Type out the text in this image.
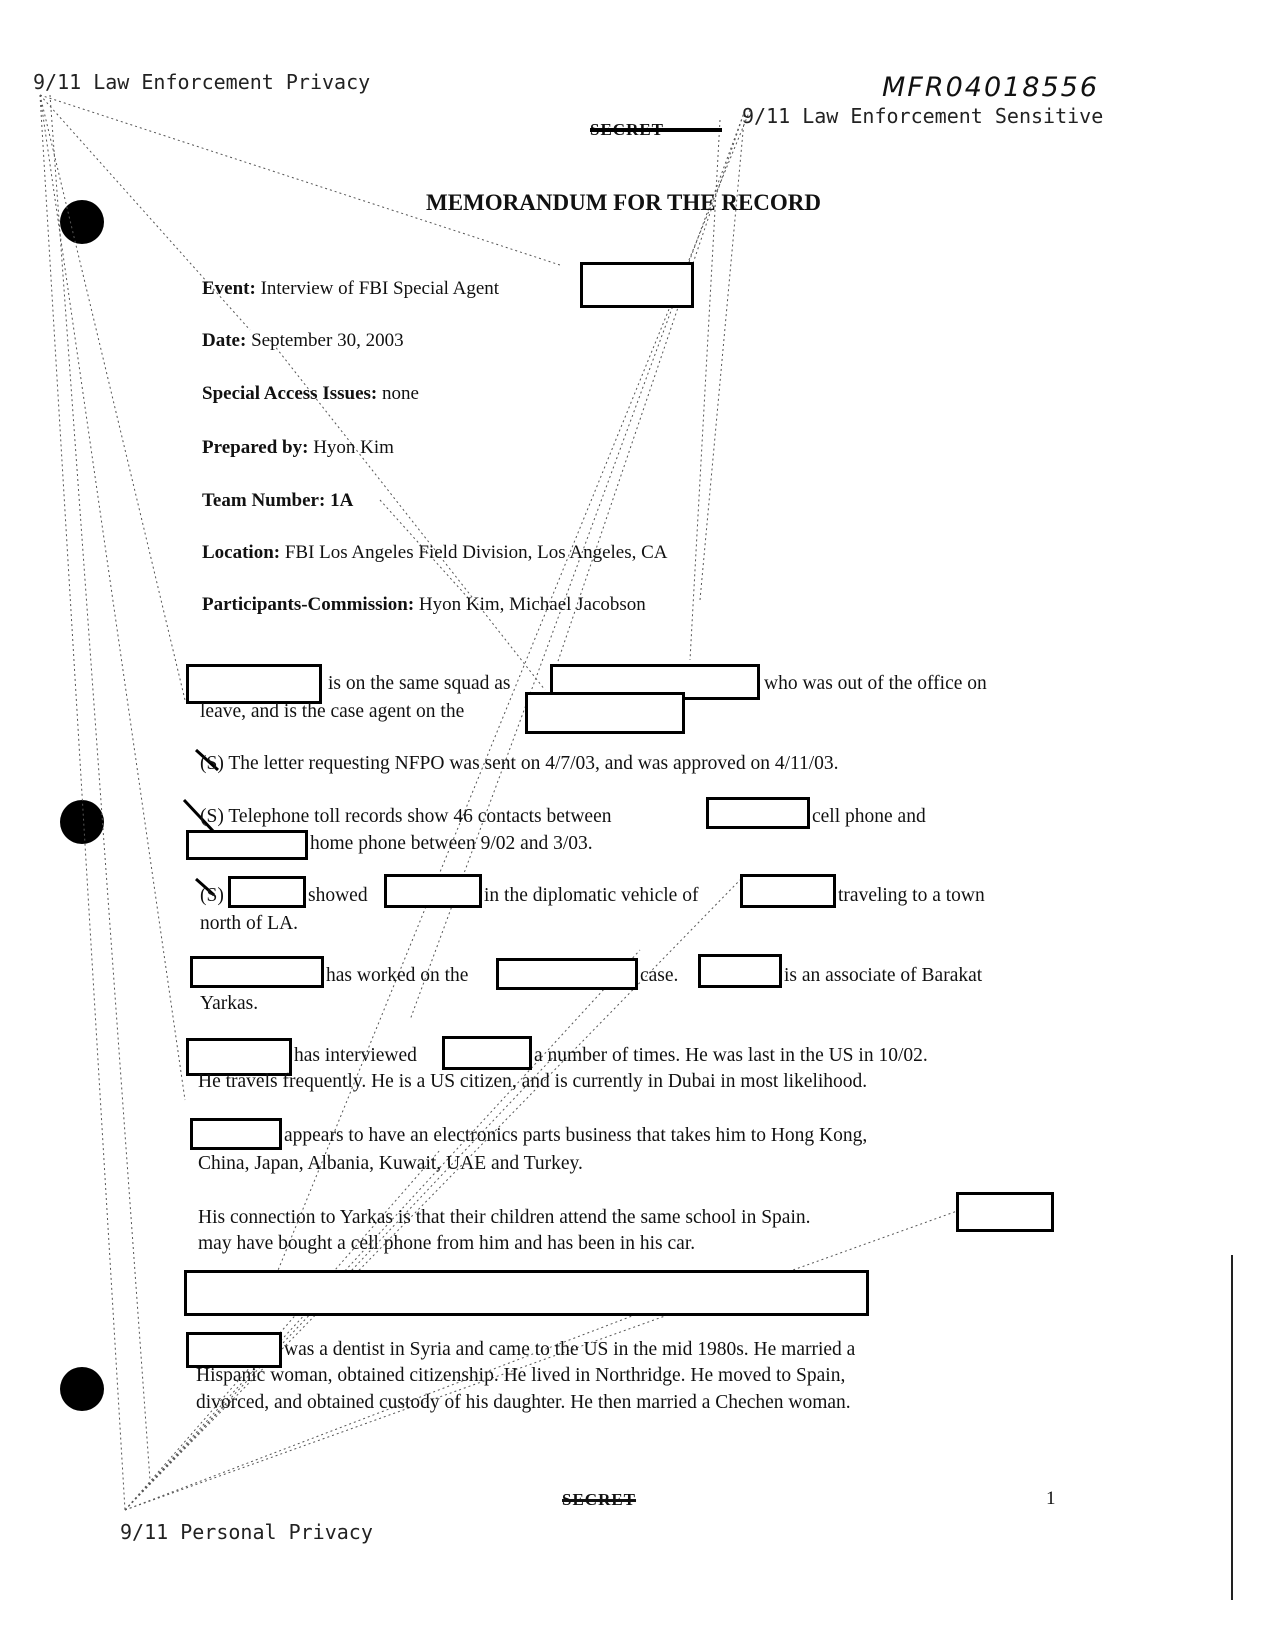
9/11 Law Enforcement Privacy	MFR04018556
9/11 Law Enforcement Sensitive
MEMORANDUM FOR THE RECORD
Event: Interview of FBI Special Agent
Date: September 30, 2003
Special Access Issues: none
Prepared by: Hyon Kim
Team Number: 1A
Location: FBI Los Angeles Field Division, Los Angeles, CA
Participants-Commission: Hyon Kim, Michael Jacobson
is on the same squad as	who was out of the office on
leave, and is the case agent on the
(S) The letter requesting NFPO was sent on 4/7/03, and was approved on 4/11/03.
(S) Telephone toll records show 46 contacts between	cell phone and
home phone between 9/02 and 3/03.
(S)	showed	in the diplomatic vehicle of	traveling to a town
north of LA.
has worked on the	case.	is an associate of Barakat
Yarkas.
has interviewed	a number of times. He was last in the US in 10/02.
He travels frequently. He is a US citizen, and is currently in Dubai in most likelihood.
appears to have an electronics parts business that takes him to Hong Kong,
China, Japan, Albania, Kuwait, UAE and Turkey.
His connection to Yarkas is that their children attend the same school in Spain.
may have bought a cell phone from him and has been in his car.
was a dentist in Syria and came to the US in the mid 1980s. He married a
Hispanic woman, obtained citizenship. He lived in Northridge. He moved to Spain,
divorced, and obtained custody of his daughter. He then married a Chechen woman.
SECRET	1
9/11 Personal Privacy
